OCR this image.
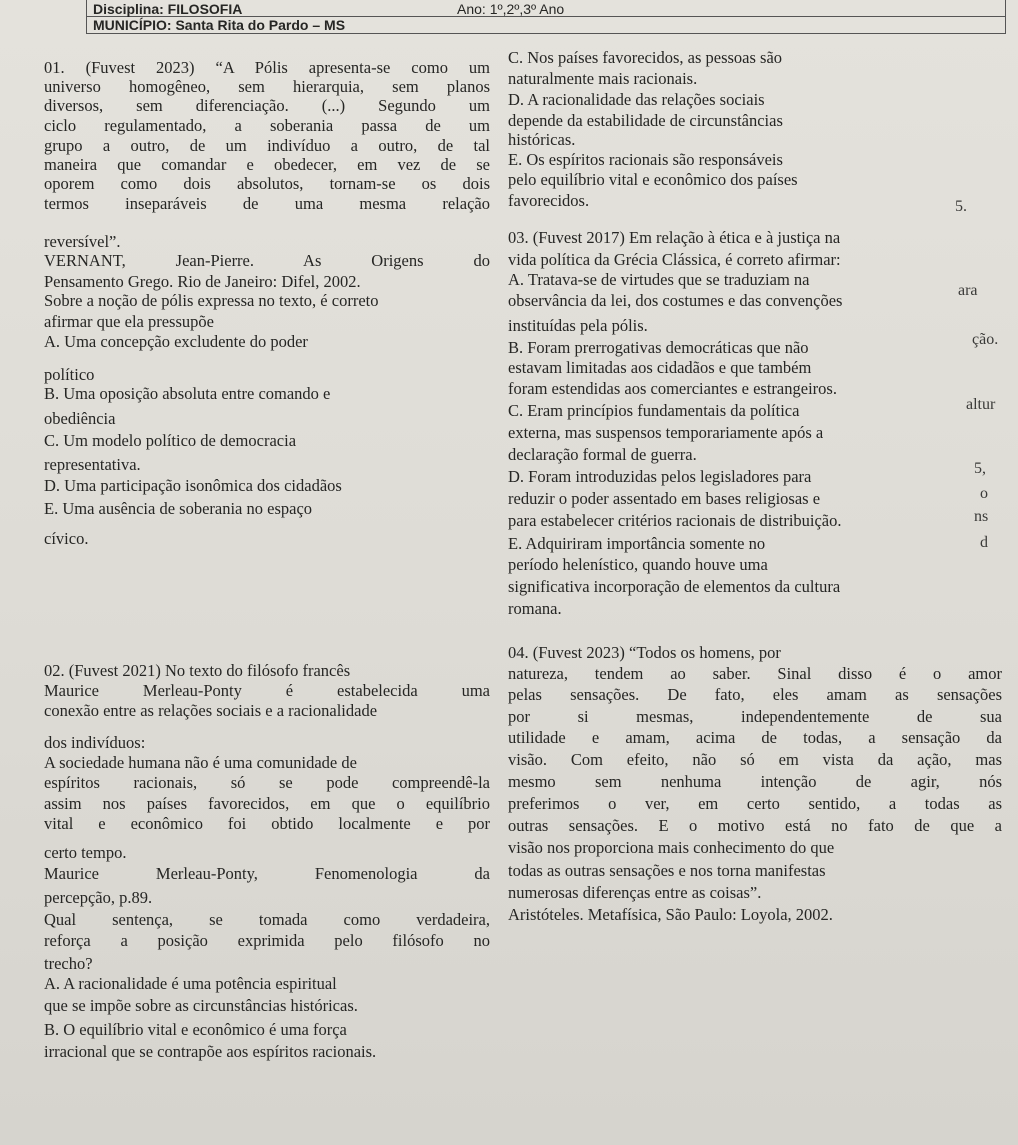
Disciplina: FILOSOFIA	Ano: 1º,2º,3º Ano
MUNICÍPIO: Santa Rita do Pardo – MS
01. (Fuvest 2023) “A Pólis apresenta-se como um
universo homogêneo, sem hierarquia, sem planos
diversos, sem diferenciação. (...) Segundo um
ciclo regulamentado, a soberania passa de um
grupo a outro, de um indivíduo a outro, de tal
maneira que comandar e obedecer, em vez de se
oporem como dois absolutos, tornam-se os dois
termos inseparáveis de uma mesma relação
reversível”.
VERNANT, Jean-Pierre. As Origens do
Pensamento Grego. Rio de Janeiro: Difel, 2002.
Sobre a noção de pólis expressa no texto, é correto
afirmar que ela pressupõe
A. Uma concepção excludente do poder
político
B. Uma oposição absoluta entre comando e
obediência
C. Um modelo político de democracia
representativa.
D. Uma participação isonômica dos cidadãos
E. Uma ausência de soberania no espaço
cívico.
02. (Fuvest 2021) No texto do filósofo francês
Maurice Merleau-Ponty é estabelecida uma
conexão entre as relações sociais e a racionalidade
dos indivíduos:
A sociedade humana não é uma comunidade de
espíritos racionais, só se pode compreendê-la
assim nos países favorecidos, em que o equilíbrio
vital e econômico foi obtido localmente e por
certo tempo.
Maurice Merleau-Ponty, Fenomenologia da
percepção, p.89.
Qual sentença, se tomada como verdadeira,
reforça a posição exprimida pelo filósofo no
trecho?
A. A racionalidade é uma potência espiritual
que se impõe sobre as circunstâncias históricas.
B. O equilíbrio vital e econômico é uma força
irracional que se contrapõe aos espíritos racionais.
C. Nos países favorecidos, as pessoas são
naturalmente mais racionais.
D. A racionalidade das relações sociais
depende da estabilidade de circunstâncias
históricas.
E. Os espíritos racionais são responsáveis
pelo equilíbrio vital e econômico dos países
favorecidos.
03. (Fuvest 2017) Em relação à ética e à justiça na
vida política da Grécia Clássica, é correto afirmar:
A. Tratava-se de virtudes que se traduziam na
observância da lei, dos costumes e das convenções
instituídas pela pólis.
B. Foram prerrogativas democráticas que não
estavam limitadas aos cidadãos e que também
foram estendidas aos comerciantes e estrangeiros.
C. Eram princípios fundamentais da política
externa, mas suspensos temporariamente após a
declaração formal de guerra.
D. Foram introduzidas pelos legisladores para
reduzir o poder assentado em bases religiosas e
para estabelecer critérios racionais de distribuição.
E. Adquiriram importância somente no
período helenístico, quando houve uma
significativa incorporação de elementos da cultura
romana.
04. (Fuvest 2023) “Todos os homens, por
natureza, tendem ao saber. Sinal disso é o amor
pelas sensações. De fato, eles amam as sensações
por si mesmas, independentemente de sua
utilidade e amam, acima de todas, a sensação da
visão. Com efeito, não só em vista da ação, mas
mesmo sem nenhuma intenção de agir, nós
preferimos o ver, em certo sentido, a todas as
outras sensações. E o motivo está no fato de que a
visão nos proporciona mais conhecimento do que
todas as outras sensações e nos torna manifestas
numerosas diferenças entre as coisas”.
Aristóteles. Metafísica, São Paulo: Loyola, 2002.
5.
ara
ção.
altur
5,
o
ns
d
